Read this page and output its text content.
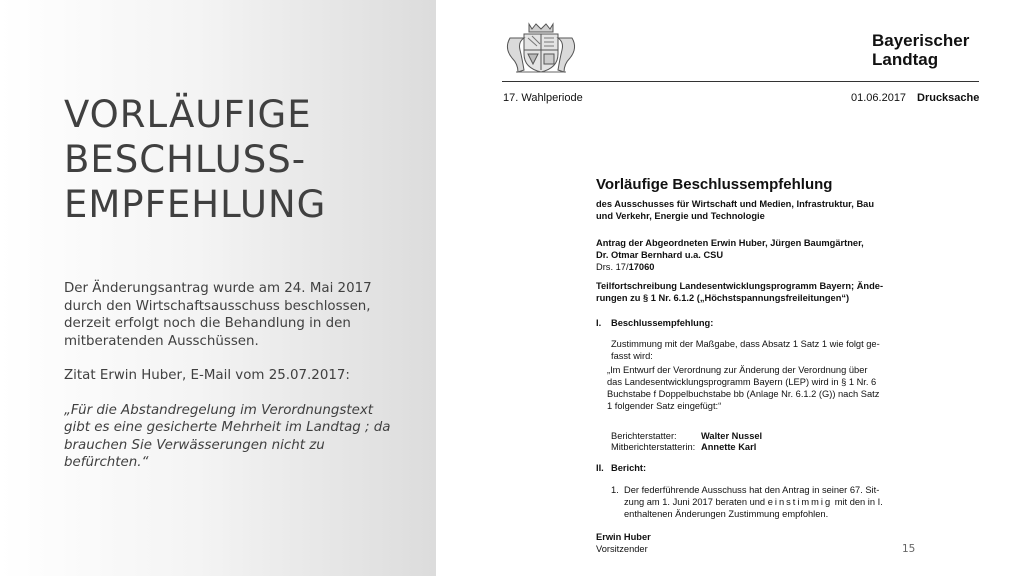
VORLÄUFIGE
BESCHLUSS-
EMPFEHLUNG

Der Änderungsantrag wurde am 24. Mai 2017 durch den Wirtschaftsausschuss beschlossen, derzeit erfolgt noch die Behandlung in den mitberatenden Ausschüssen.

Zitat Erwin Huber, E-Mail vom 25.07.2017:

„Für die Abstandregelung im Verordnungstext gibt es eine gesicherte Mehrheit im Landtag ; da brauchen Sie Verwässerungen nicht zu befürchten.“

Bayerischer
Landtag
17. Wahlperiode	01.06.2017 Drucksache
Vorläufige Beschlussempfehlung
des Ausschusses für Wirtschaft und Medien, Infrastruktur, Bau
und Verkehr, Energie und Technologie
Antrag der Abgeordneten Erwin Huber, Jürgen Baumgärtner,
Dr. Otmar Bernhard u.a. CSU
Drs. 17/17060
Teilfortschreibung Landesentwicklungsprogramm Bayern; Ände-
rungen zu § 1 Nr. 6.1.2 („Höchstspannungsfreileitungen“)
I. Beschlussempfehlung:
Zustimmung mit der Maßgabe, dass Absatz 1 Satz 1 wie folgt ge-
fasst wird:
„Im Entwurf der Verordnung zur Änderung der Verordnung über
das Landesentwicklungsprogramm Bayern (LEP) wird in § 1 Nr. 6
Buchstabe f Doppelbuchstabe bb (Anlage Nr. 6.1.2 (G)) nach Satz
1 folgender Satz eingefügt:“
Berichterstatter:	Walter Nussel
Mitberichterstatterin: Annette Karl
II. Bericht:
1. Der federführende Ausschuss hat den Antrag in seiner 67. Sit-
zung am 1. Juni 2017 beraten und einstimmig mit den in I.
enthaltenen Änderungen Zustimmung empfohlen.
Erwin Huber
Vorsitzender	15
